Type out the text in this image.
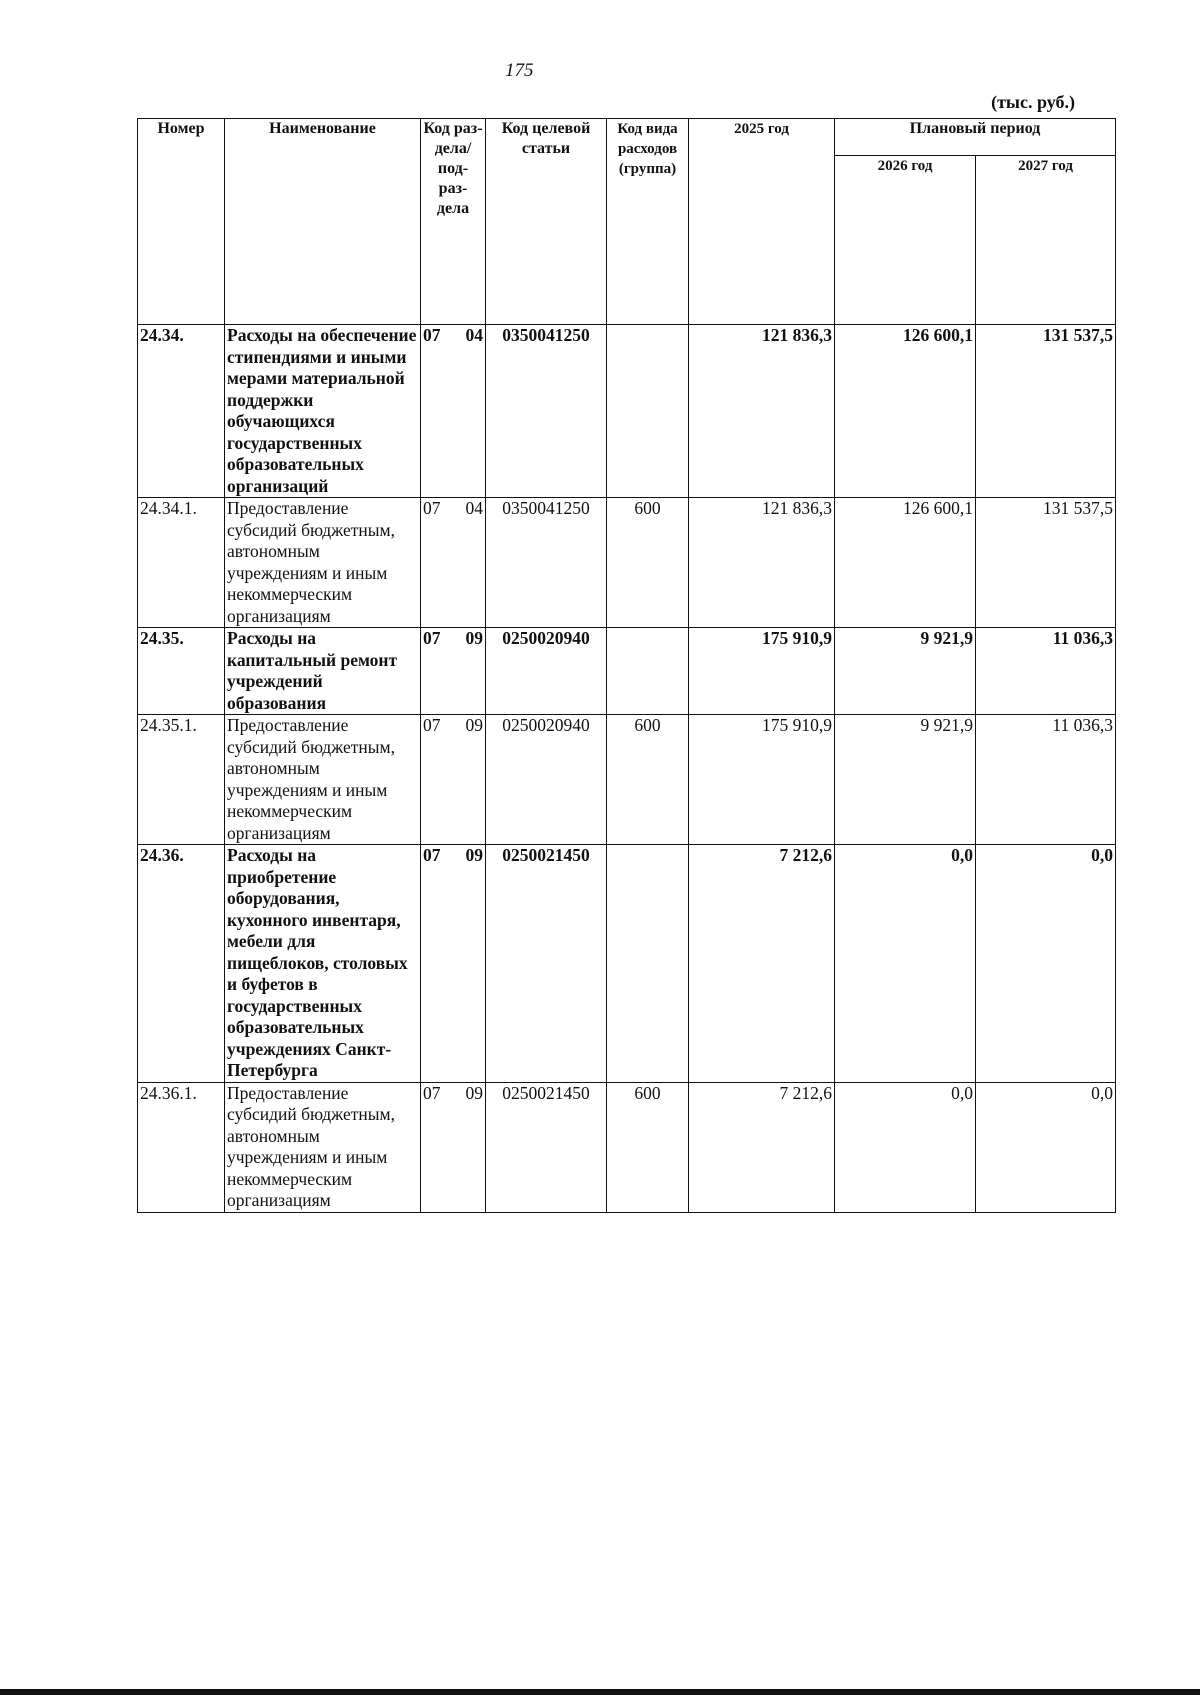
175
(тыс. руб.)
Номер	Наименование	Код раз- дела/ под- раз- дела	Код целевой статьи	Код вида расходов (группа)	2025 год	Плановый период	
						2026 год	2027 год
24.34.	Расходы на обеспечение стипендиями и иными мерами материальной поддержки обучающихся государственных образовательных организаций	07 04	0350041250		121 836,3	126 600,1	131 537,5
24.34.1.	Предоставление субсидий бюджетным, автономным учреждениям и иным некоммерческим организациям	07 04	0350041250	600	121 836,3	126 600,1	131 537,5
24.35.	Расходы на капитальный ремонт учреждений образования	07 09	0250020940		175 910,9	9 921,9	11 036,3
24.35.1.	Предоставление субсидий бюджетным, автономным учреждениям и иным некоммерческим организациям	07 09	0250020940	600	175 910,9	9 921,9	11 036,3
24.36.	Расходы на приобретение оборудования, кухонного инвентаря, мебели для пищеблоков, столовых и буфетов в государственных образовательных учреждениях Санкт-Петербурга	07 09	0250021450		7 212,6	0,0	0,0
24.36.1.	Предоставление субсидий бюджетным, автономным учреждениям и иным некоммерческим организациям	07 09	0250021450	600	7 212,6	0,0	0,0
